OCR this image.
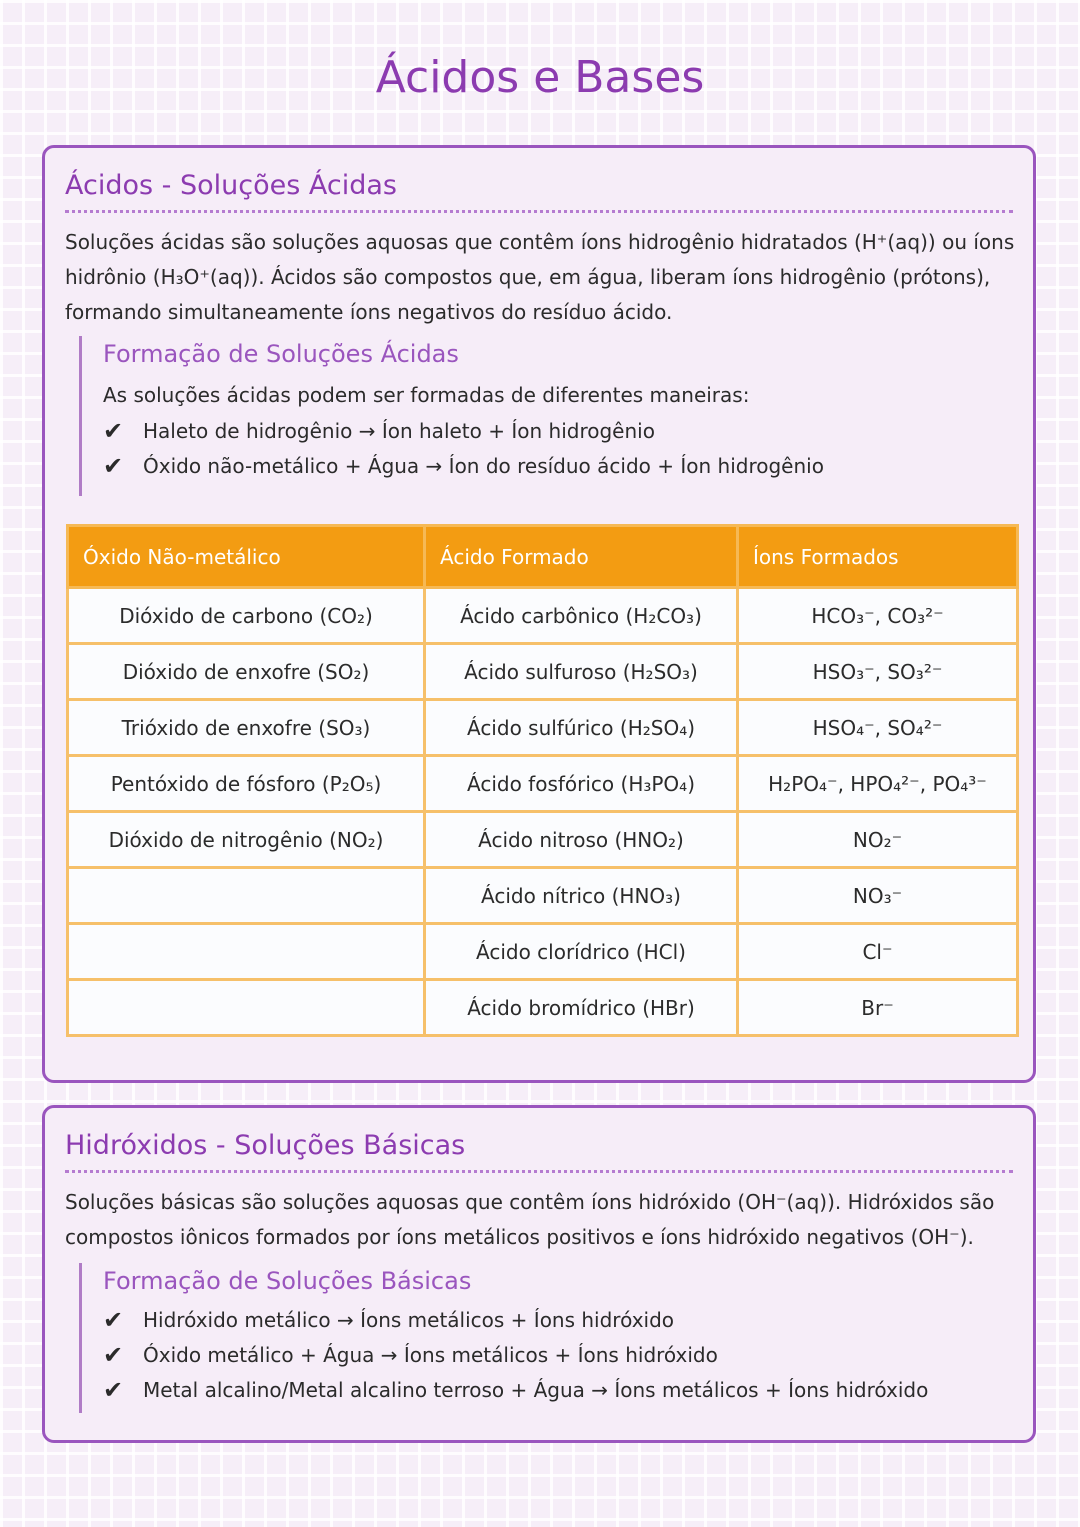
Ácidos e Bases
Ácidos - Soluções Ácidas

Soluções ácidas são soluções aquosas que contêm íons hidrogênio hidratados (H⁺(aq)) ou íons hidrônio (H₃O⁺(aq)). Ácidos são compostos que, em água, liberam íons hidrogênio (prótons), formando simultaneamente íons negativos do resíduo ácido.

Formação de Soluções Ácidas

As soluções ácidas podem ser formadas de diferentes maneiras:

✔ Haleto de hidrogênio → Íon haleto + Íon hidrogênio
✔ Óxido não-metálico + Água → Íon do resíduo ácido + Íon hidrogênio
Óxido Não-metálico	Ácido Formado	Íons Formados
Dióxido de carbono (CO₂)	Ácido carbônico (H₂CO₃)	HCO₃⁻, CO₃²⁻
Dióxido de enxofre (SO₂)	Ácido sulfuroso (H₂SO₃)	HSO₃⁻, SO₃²⁻
Trióxido de enxofre (SO₃)	Ácido sulfúrico (H₂SO₄)	HSO₄⁻, SO₄²⁻
Pentóxido de fósforo (P₂O₅)	Ácido fosfórico (H₃PO₄)	H₂PO₄⁻, HPO₄²⁻, PO₄³⁻
Dióxido de nitrogênio (NO₂)	Ácido nitroso (HNO₂)	NO₂⁻
	Ácido nítrico (HNO₃)	NO₃⁻
	Ácido clorídrico (HCl)	Cl⁻
	Ácido bromídrico (HBr)	Br⁻
Hidróxidos - Soluções Básicas

Soluções básicas são soluções aquosas que contêm íons hidróxido (OH⁻(aq)). Hidróxidos são compostos iônicos formados por íons metálicos positivos e íons hidróxido negativos (OH⁻).

Formação de Soluções Básicas
✔ Hidróxido metálico → Íons metálicos + Íons hidróxido
✔ Óxido metálico + Água → Íons metálicos + Íons hidróxido
✔ Metal alcalino/Metal alcalino terroso + Água → Íons metálicos + Íons hidróxido
